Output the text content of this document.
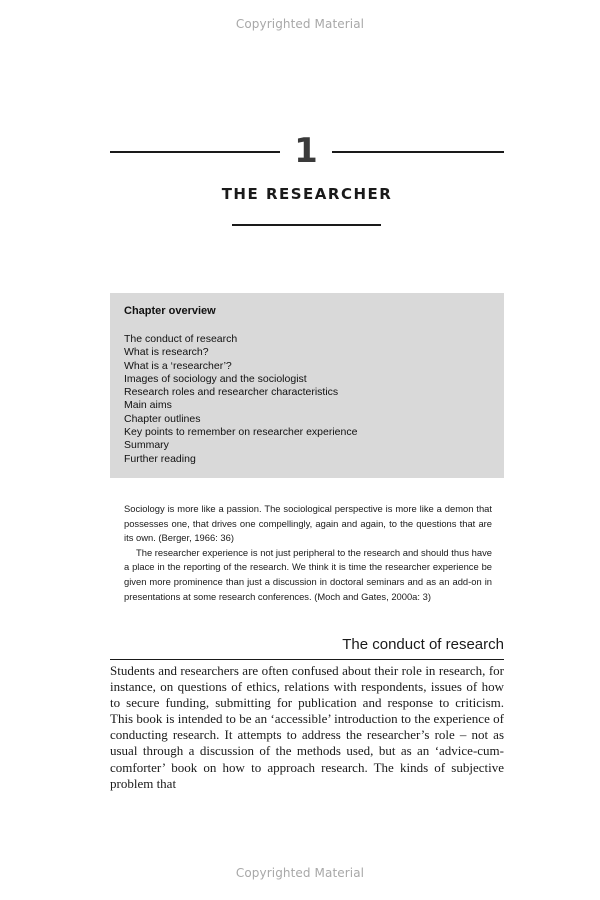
Copyrighted Material
1
THE RESEARCHER
Chapter overview
The conduct of research
What is research?
What is a ‘researcher’?
Images of sociology and the sociologist
Research roles and researcher characteristics
Main aims
Chapter outlines
Key points to remember on researcher experience
Summary
Further reading

Sociology is more like a passion. The sociological perspective is more like a demon that possesses one, that drives one compellingly, again and again, to the questions that are its own. (Berger, 1966: 36)

The researcher experience is not just peripheral to the research and should thus have a place in the reporting of the research. We think it is time the researcher experience be given more prominence than just a discussion in doctoral seminars and as an add-on in presentations at some research conferences. (Moch and Gates, 2000a: 3)

The conduct of research

Students and researchers are often confused about their role in research, for instance, on questions of ethics, relations with respondents, issues of how to secure funding, submitting for publication and response to criticism. This book is intended to be an ‘accessible’ introduction to the experience of conducting research. It attempts to address the researcher’s role – not as usual through a discussion of the methods used, but as an ‘advice-cum-comforter’ book on how to approach research. The kinds of subjective problem that

Copyrighted Material
